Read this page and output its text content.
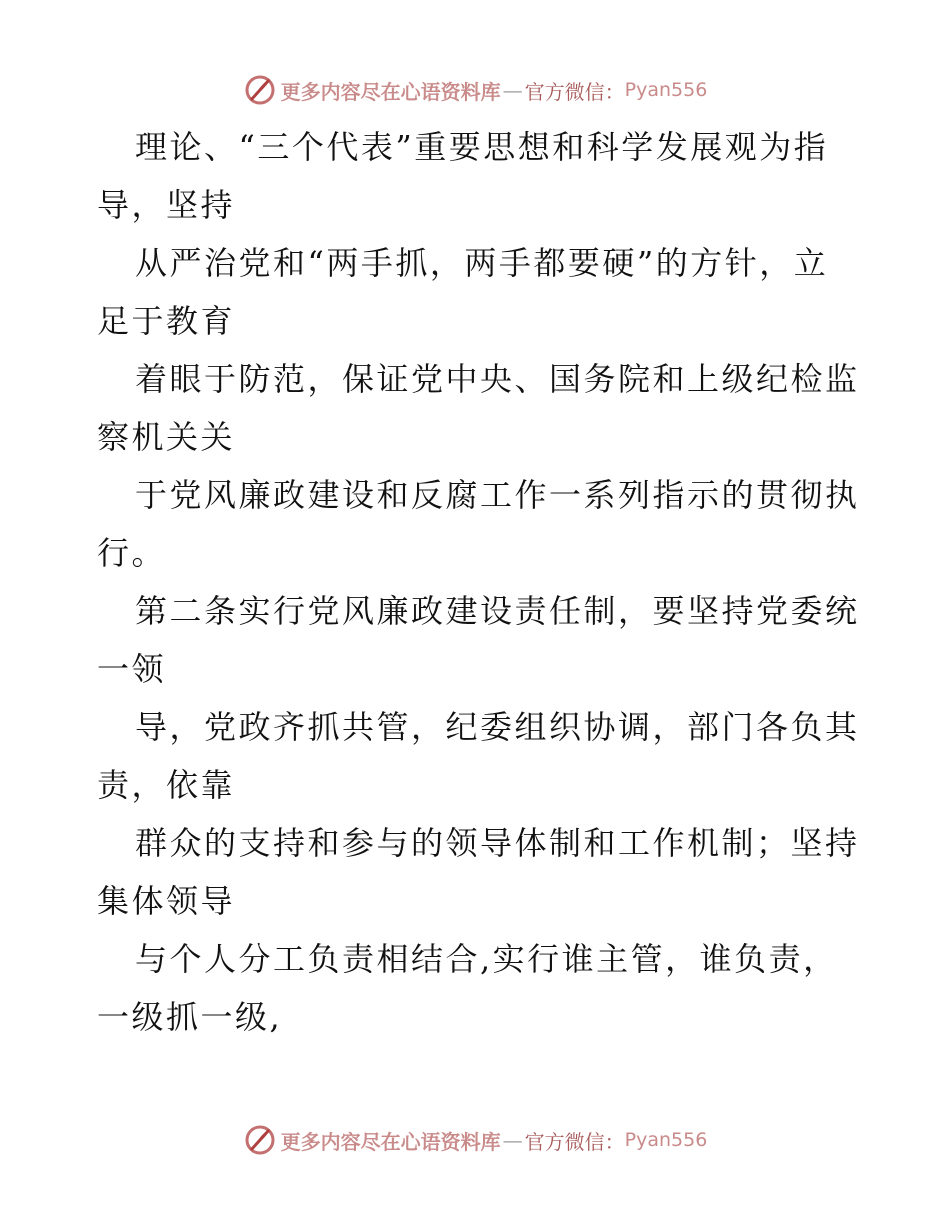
更多内容尽在心语资料库 — 官方微信： Pyan556
理论、“三个代表”重要思想和科学发展观为指
导，坚持
从严治党和“两手抓，两手都要硬”的方针，立
足于教育
着眼于防范，保证党中央、国务院和上级纪检监
察机关关
于党风廉政建设和反腐工作一系列指示的贯彻执
行。
第二条实行党风廉政建设责任制，要坚持党委统
一领
导，党政齐抓共管，纪委组织协调，部门各负其
责，依靠
群众的支持和参与的领导体制和工作机制；坚持
集体领导
与个人分工负责相结合,实行谁主管，谁负责，
一级抓一级,
更多内容尽在心语资料库 — 官方微信： Pyan556
